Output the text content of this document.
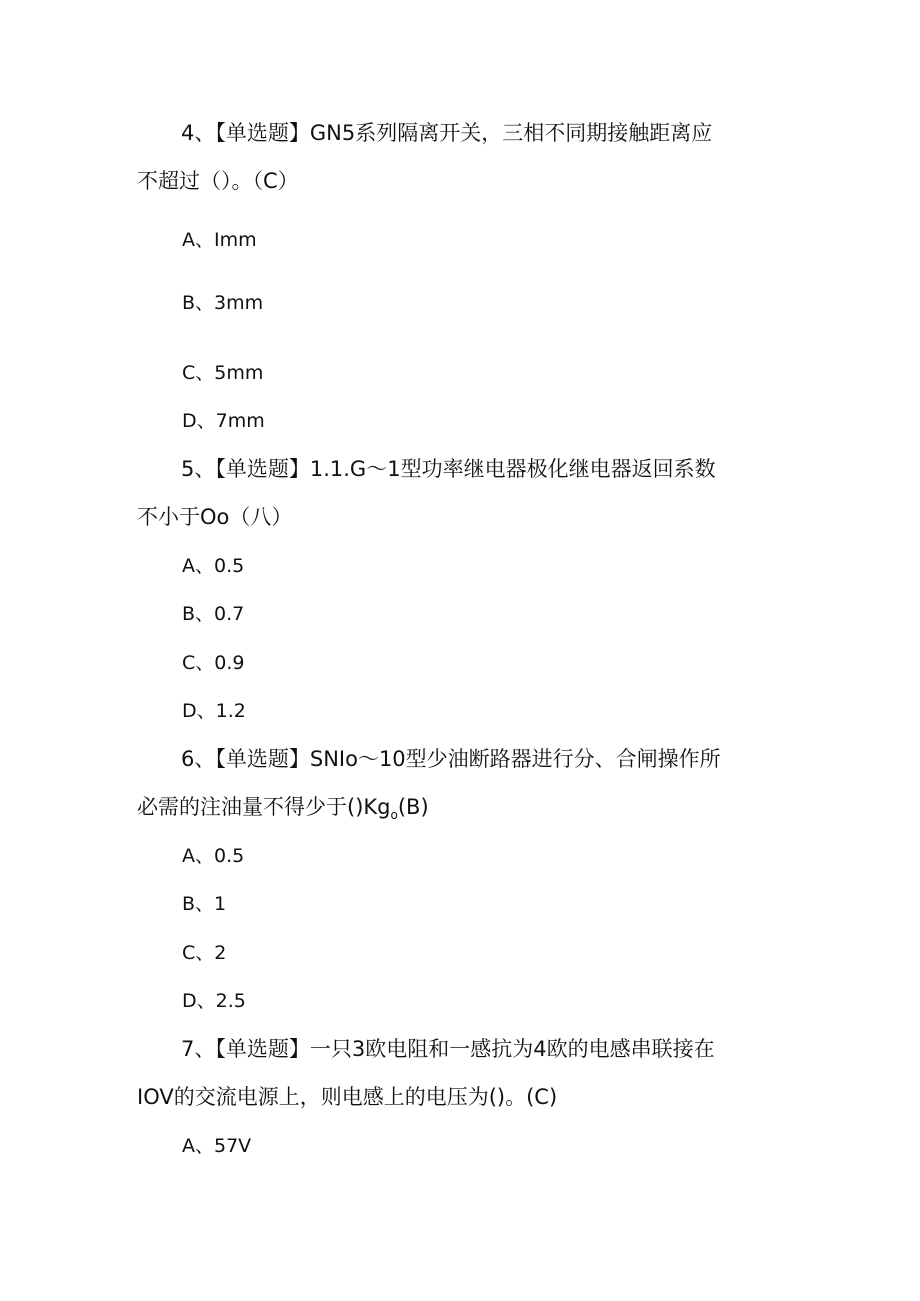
4、【单选题】GN5系列隔离开关，三相不同期接触距离应
不超过（）。（C）
A、Imm
B、3mm
C、5mm
D、7mm
5、【单选题】1.1.G～1型功率继电器极化继电器返回系数
不小于Oo（八）
A、0.5
B、0.7
C、0.9
D、1.2
6、【单选题】SNIo～10型少油断路器进行分、合闸操作所
必需的注油量不得少于$()Kg_o(B)$
A、0.5
B、1
C、2
D、2.5
7、【单选题】一只3欧电阻和一感抗为4欧的电感串联接在
IOV的交流电源上，则电感上的电压为()。(C)
A、57V
